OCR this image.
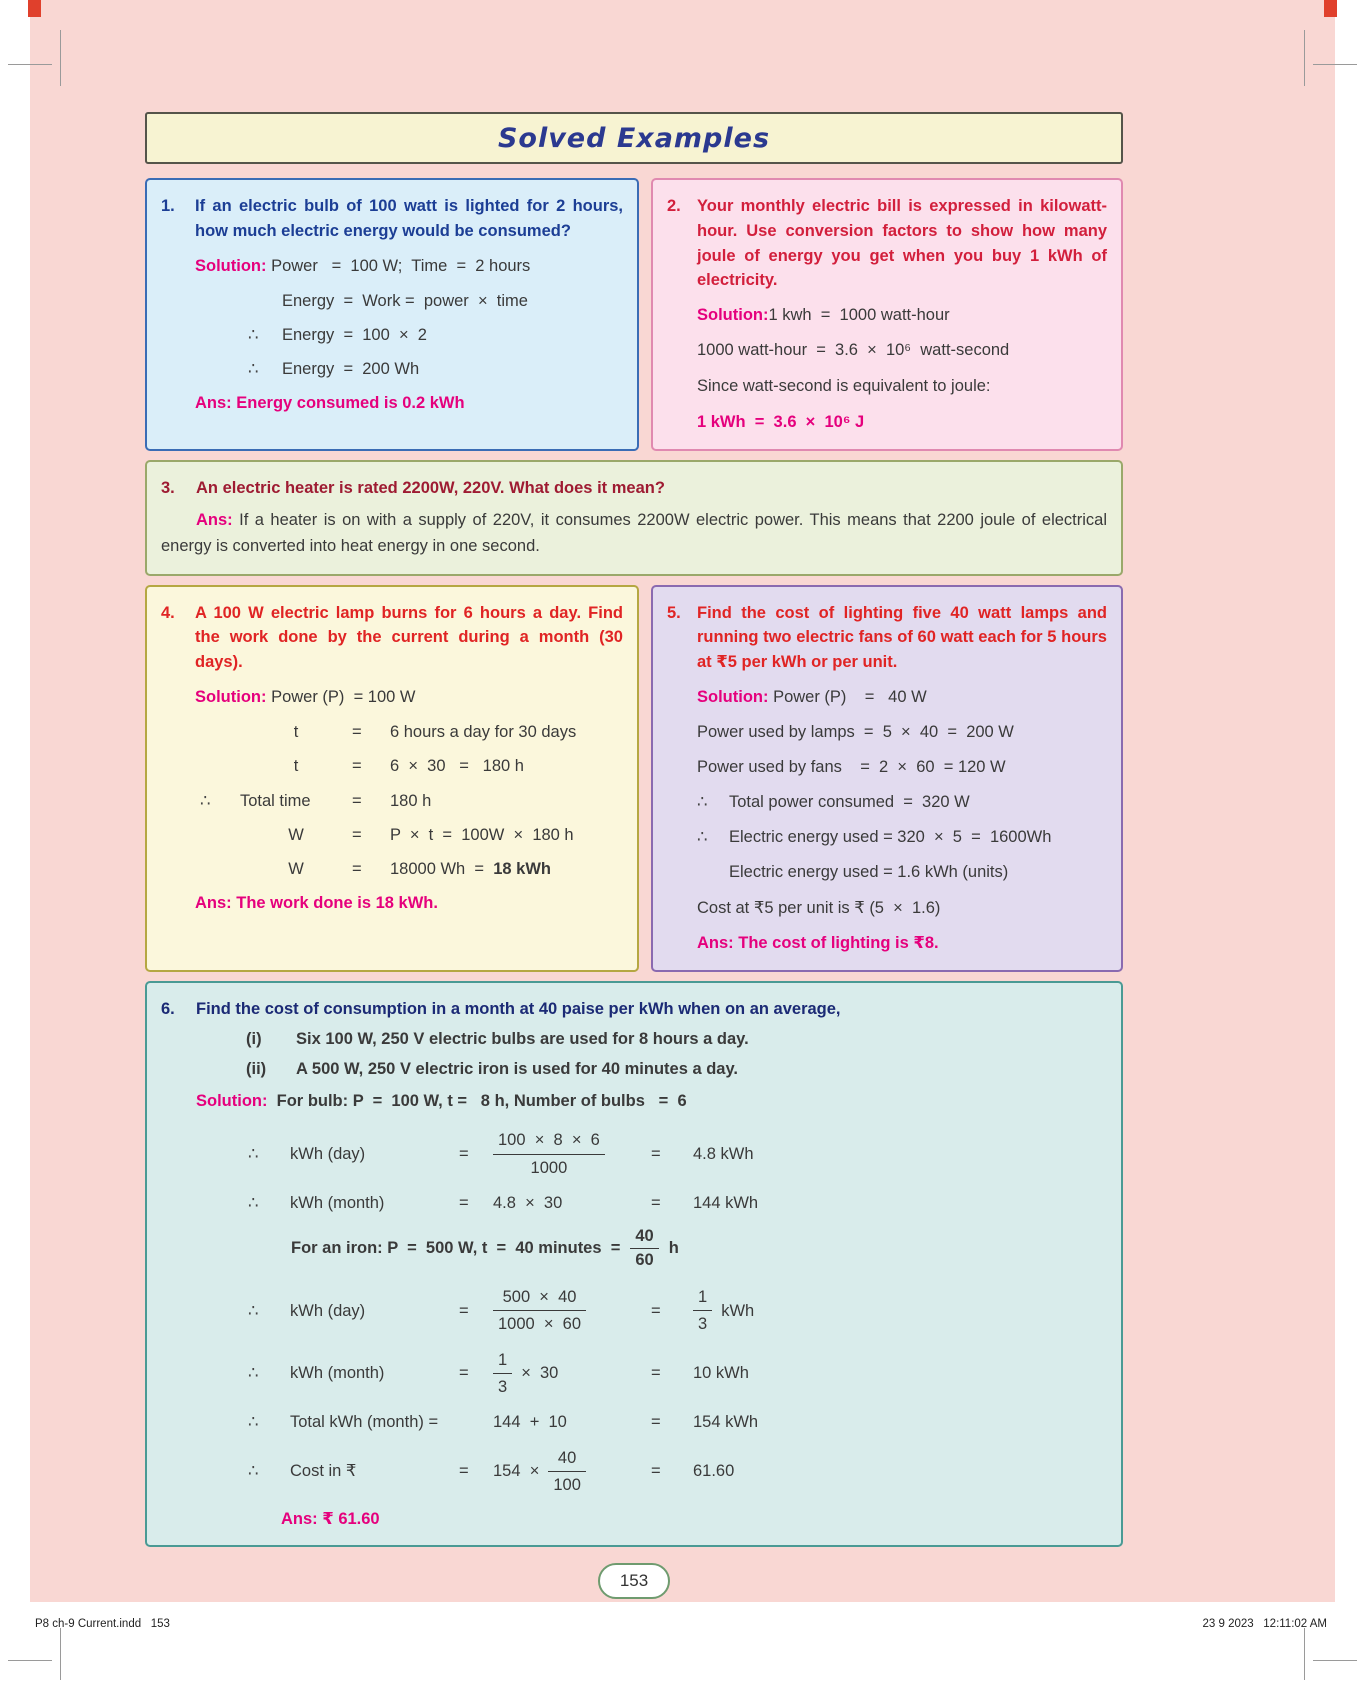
Solved Examples
1.	If an electric bulb of 100 watt is lighted for 2 hours, how much electric energy would be consumed?
Solution: Power   =  100 W;  Time  =  2 hours
Energy  =  Work =  power  ×  time
∴	Energy  =  100  ×  2
∴	Energy  =  200 Wh
Ans: Energy consumed is 0.2 kWh
2. Your monthly electric bill is expressed in kilowatt-hour. Use conversion factors to show how many joule of energy you get when you buy 1 kWh of electricity.
Solution:1 kwh  =  1000 watt-hour
1000 watt-hour  =  3.6  ×  10⁶  watt-second
Since watt-second is equivalent to joule:
1 kWh  =  3.6  ×  10⁶ J
3.	An electric heater is rated 2200W, 220V. What does it mean?
Ans: If a heater is on with a supply of 220V, it consumes 2200W electric power. This means that 2200 joule of electrical energy is converted into heat energy in one second.
4.	A 100 W electric lamp burns for 6 hours a day. Find the work done by the current during a month (30 days).
Solution: Power (P)  = 100 W
t	=	6 hours a day for 30 days
t	=	6  ×  30   =   180 h
∴	Total time	=	180 h
W	=	P  ×  t  =  100W  ×  180 h
W	=	18000 Wh  =  18 kWh
Ans: The work done is 18 kWh.
5. Find the cost of lighting five 40 watt lamps and running two electric fans of 60 watt each for 5 hours at ₹5 per kWh or per unit.
Solution: Power (P)    =   40 W
Power used by lamps  =  5  ×  40  =  200 W
Power used by fans    =  2  ×  60  = 120 W
∴ Total power consumed  =  320 W
∴ Electric energy used = 320  ×  5  =  1600Wh
Electric energy used = 1.6 kWh (units)
Cost at ₹5 per unit is ₹ (5  ×  1.6)
Ans: The cost of lighting is ₹8.
6.	Find the cost of consumption in a month at 40 paise per kWh when on an average,
(i)	Six 100 W, 250 V electric bulbs are used for 8 hours a day.
(ii)	A 500 W, 250 V electric iron is used for 40 minutes a day.
Solution:  For bulb: P  =  100 W, t =   8 h, Number of bulbs   =  6
∴	kWh (day)	=	$\frac{100 \times 8 \times 6}{1000}$	=	4.8 kWh
∴	kWh (month)	=	4.8  ×  30	=	144 kWh
For an iron: P  =  500 W, t  =  40 minutes  = $\frac{40}{60}$ h
∴	kWh (day)	=	$\frac{500 \times 40}{1000 \times 60}$	=	$\frac{1}{3}$ kWh
∴	kWh (month)	=	$\frac{1}{3} \times 30$	=	10 kWh
∴	Total kWh (month) =	144  +  10	=	154 kWh
∴	Cost in ₹	=	$154 \times \frac{40}{100}$	=	61.60
Ans: ₹ 61.60
153
P8 ch-9 Current.indd   153	23 9 2023   12:11:02 AM
